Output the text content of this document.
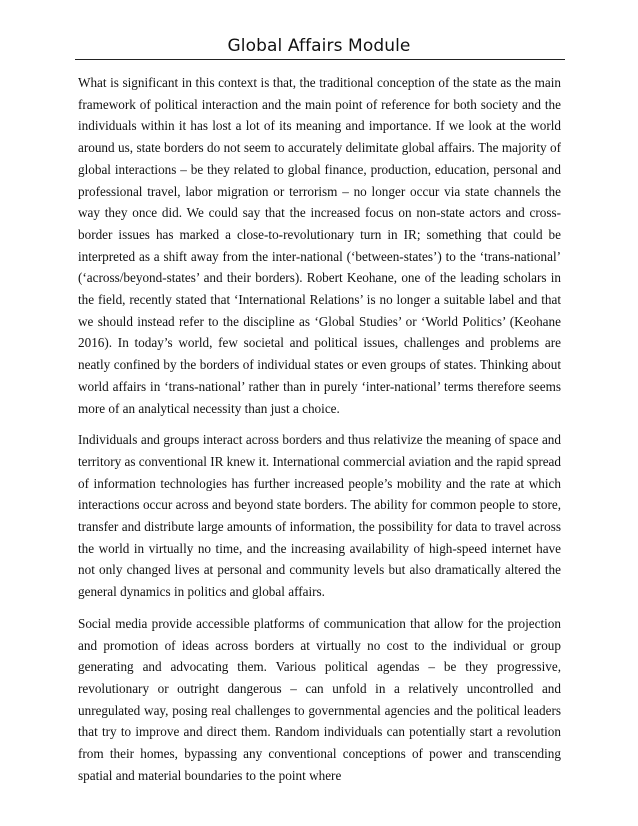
Global Affairs Module

What is significant in this context is that, the traditional conception of the state as the main framework of political interaction and the main point of reference for both society and the individuals within it has lost a lot of its meaning and importance. If we look at the world around us, state borders do not seem to accurately delimitate global affairs. The majority of global interactions – be they related to global finance, production, education, personal and professional travel, labor migration or terrorism – no longer occur via state channels the way they once did. We could say that the increased focus on non-state actors and cross-border issues has marked a close-to-revolutionary turn in IR; something that could be interpreted as a shift away from the inter-national (‘between-states’) to the ‘trans-national’ (‘across/beyond-states’ and their borders). Robert Keohane, one of the leading scholars in the field, recently stated that ‘International Relations’ is no longer a suitable label and that we should instead refer to the discipline as ‘Global Studies’ or ‘World Politics’ (Keohane 2016). In today’s world, few societal and political issues, challenges and problems are neatly confined by the borders of individual states or even groups of states. Thinking about world affairs in ‘trans-national’ rather than in purely ‘inter-national’ terms therefore seems more of an analytical necessity than just a choice.

Individuals and groups interact across borders and thus relativize the meaning of space and territory as conventional IR knew it. International commercial aviation and the rapid spread of information technologies has further increased people’s mobility and the rate at which interactions occur across and beyond state borders. The ability for common people to store, transfer and distribute large amounts of information, the possibility for data to travel across the world in virtually no time, and the increasing availability of high-speed internet have not only changed lives at personal and community levels but also dramatically altered the general dynamics in politics and global affairs.

Social media provide accessible platforms of communication that allow for the projection and promotion of ideas across borders at virtually no cost to the individual or group generating and advocating them. Various political agendas – be they progressive, revolutionary or outright dangerous – can unfold in a relatively uncontrolled and unregulated way, posing real challenges to governmental agencies and the political leaders that try to improve and direct them. Random individuals can potentially start a revolution from their homes, bypassing any conventional conceptions of power and transcending spatial and material boundaries to the point where
